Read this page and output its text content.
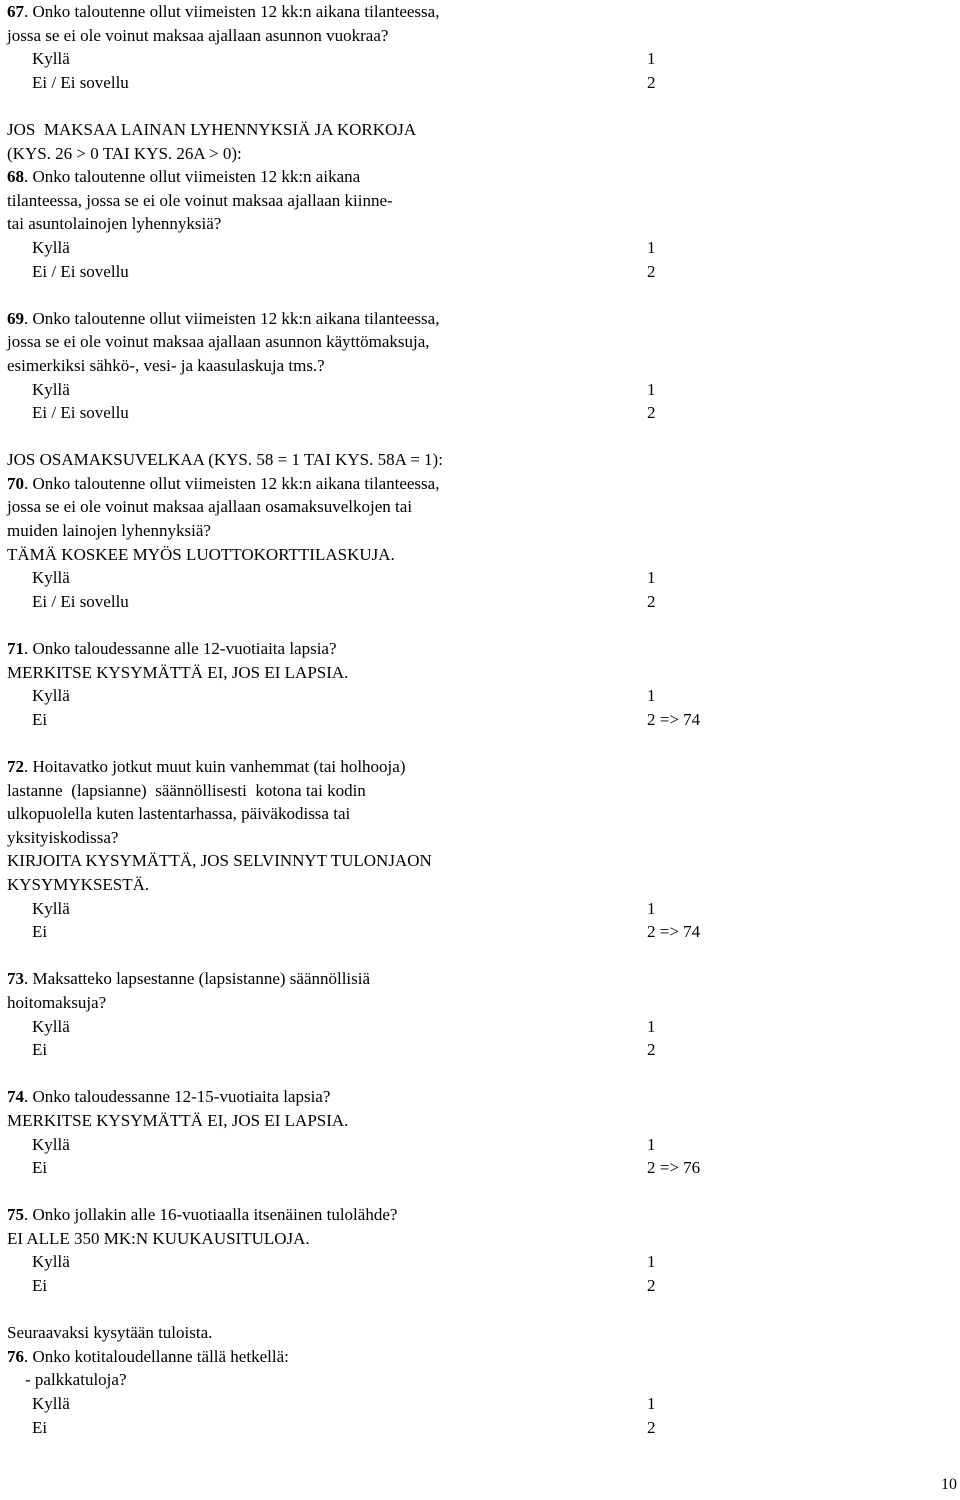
67. Onko taloutenne ollut viimeisten 12 kk:n aikana tilanteessa,
jossa se ei ole voinut maksaa ajallaan asunnon vuokraa?
Kyllä	1
Ei / Ei sovellu	2
JOS  MAKSAA LAINAN LYHENNYKSIÄ JA KORKOJA
(KYS. 26 > 0 TAI KYS. 26A > 0):
68. Onko taloutenne ollut viimeisten 12 kk:n aikana
tilanteessa, jossa se ei ole voinut maksaa ajallaan kiinne-
tai asuntolainojen lyhennyksiä?
Kyllä	1
Ei / Ei sovellu	2
69. Onko taloutenne ollut viimeisten 12 kk:n aikana tilanteessa,
jossa se ei ole voinut maksaa ajallaan asunnon käyttömaksuja,
esimerkiksi sähkö-, vesi- ja kaasulaskuja tms.?
Kyllä	1
Ei / Ei sovellu	2
JOS OSAMAKSUVELKAA (KYS. 58 = 1 TAI KYS. 58A = 1):
70. Onko taloutenne ollut viimeisten 12 kk:n aikana tilanteessa,
jossa se ei ole voinut maksaa ajallaan osamaksuvelkojen tai
muiden lainojen lyhennyksiä?
TÄMÄ KOSKEE MYÖS LUOTTOKORTTILASKUJA.
Kyllä	1
Ei / Ei sovellu	2
71. Onko taloudessanne alle 12-vuotiaita lapsia?
MERKITSE KYSYMÄTTÄ EI, JOS EI LAPSIA.
Kyllä	1
Ei	2 => 74
72. Hoitavatko jotkut muut kuin vanhemmat (tai holhooja)
lastanne  (lapsianne)  säännöllisesti  kotona tai kodin
ulkopuolella kuten lastentarhassa, päiväkodissa tai
yksityiskodissa?
KIRJOITA KYSYMÄTTÄ, JOS SELVINNYT TULONJAON
KYSYMYKSESTÄ.
Kyllä	1
Ei	2 => 74
73. Maksatteko lapsestanne (lapsistanne) säännöllisiä
hoitomaksuja?
Kyllä	1
Ei	2
74. Onko taloudessanne 12-15-vuotiaita lapsia?
MERKITSE KYSYMÄTTÄ EI, JOS EI LAPSIA.
Kyllä	1
Ei	2 => 76
75. Onko jollakin alle 16-vuotiaalla itsenäinen tulolähde?
EI ALLE 350 MK:N KUUKAUSITULOJA.
Kyllä	1
Ei	2
Seuraavaksi kysytään tuloista.
76. Onko kotitaloudellanne tällä hetkellä:
- palkkatuloja?
Kyllä	1
Ei	2
10
